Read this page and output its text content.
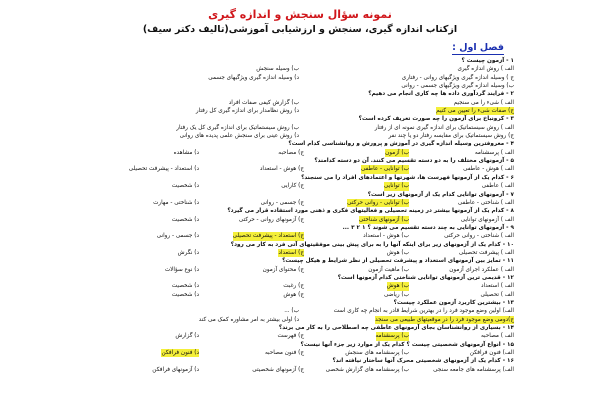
نمونه سؤال سنجش و اندازه گیری
ازکتاب اندازه گیری، سنجش و ارزشیابی آموزشی(تالیف دکتر سیف)
فصل اول :
۱ - آزمون چیست ؟
الف ) روش اندازه گیری
ب) وسیله سنجش
ج ) وسیله اندازه گیری ویژگیهای روانی - رفتاری
د) وسیله اندازه گیری ویژگیهای جسمی
ب) وسیله اندازه گیری ویژگیهای جسمی - روانی
۲ - فرایند گردآوری داده ها چه کاری انجام می دهیم؟
الف ) شیء را می سنجیم
ب) گزارش کیفی صفات افراد
ج) صفات شیء را تعیین می کنیم
د) روش نظامدار برای اندازه گیری کل رفتار
۳ - کرونباخ برای آزمون را چه صورت تعریف کرده است؟
الف ) روش سیستماتیک برای اندازه گیری نمونه ای از رفتار
ب) روش سیستماتیک برای اندازه گیری کل یک رفتار
ج) روش سیستماتیک برای مقایسه رفتار دو یا چند نفر
د) روش عینی برای سنجش علمی پدیده های روانی
۴ - معروفترین وسیله اندازه گیری در آموزش و پرورش و روانشناسی کدام است؟
الف ) پرسشنامه
ب) آزمون
ج) مصاحبه
د) مشاهده
۵ - آزمونهای مختلف را به دو دسته تقسیم می کنند. آن دو دسته کدامند؟
الف ) هوش - عاطفی
ب) توانایی - عاطفی
ج) هوش - استعداد
د) استعداد - پیشرفت تحصیلی
۶ - کدام یک از آزمونها فهرست ها، شهرتها و اعتمادهای افراد را می سنجند؟
الف ) عاطفی
ب) توانایی
ج) کارایی
د) شخصیت
۷ - آزمونهای توانایی کدام یک از آزمونهای زیر است؟
الف ) شناختی - عاطفی
ب) توانایی - روانی حرکتی
ج) جسمی - روانی
د) شناختی - مهارت
۸ - کدام یک از آزمونها بیشتر در زمینه تحصیلی و فعالیتهای فکری و ذهنی مورد استفاده قرار می گیرد؟
الف ) آزمونهای توانایی
ب) آزمونهای شناختی
ج) آزمونهای روانی - حرکتی
د) شخصیت
۹ - آزمونهای توانایی به چند دسته تقسیم می شوند ؟ ۱ ۲ ۳ ...
الف ) شناختی - روانی حرکتی
ب) هوش - استعداد
ج) استعداد - پیشرفت تحصیلی
د) جسمی - روانی
۱۰ - کدام یک از آزمونهای زیر برای اینکه آنها را به برای پیش بینی موفقیتهای آتی فرد به کار می رود؟
الف ) پیشرفت تحصیلی
ب) هوش
ج) استعداد
د) نگرش
۱۱ - تمایز بین آزمونهای استعداد و پیشرفت تحصیلی از نظر شرایط و هیکل چیست؟
الف ) عملکرد اجرای آزمون
ب) ماهیت آزمون
ج) محتوای آزمون
د) نوع سؤالات
۱۲ - قدیمی ترین آزمونهای توانایی شناختی کدام آزمونها است؟
الف ) استعداد
ب) هوش
ج) رغبت
د) شخصیت
الف ) تحصیلی
ب) ریاضی
ج) هوش
د) شخصیت
۱۳ - بیشترین کاربرد آزمون عملکرد چیست؟
الف) اولین وضع موجود فرد را در بهترین شرایط قادر به انجام چه کاری است
ب) ...
ج)دومی وضع موجود فرد را در موقعیتهای طبیعی می سنجد
د) اولی بیشتر به امر مشاوره کمک می کند
۱۴ - بسیاری از روانشناسان بجای آزمونهای عاطفی چه اصطلاحی را به کار می برند؟
الف ) مصاحبه
ب) پرسشنامه
ج) فهرست
د) گزارش
۱۵ - انواع آزمونهای شخصیتی چیست ؟ کدام یک از موارد زیر جزء آنها نیست؟
الف) فنون فرافکن
ب) پرسشنامه های سنجش
ج) فنون مصاحبه
د) فنون فرافکن
۱۶ - کدام یک از آزمونهای شخصیتی محرک آنها ساختار نیافته اند؟
الف) پرسشنامه های جامعه سنجی
ب) پرسشنامه های گزارش شخصی
ج) آزمونهای شخصیتی
د) آزمونهای فرافکن
